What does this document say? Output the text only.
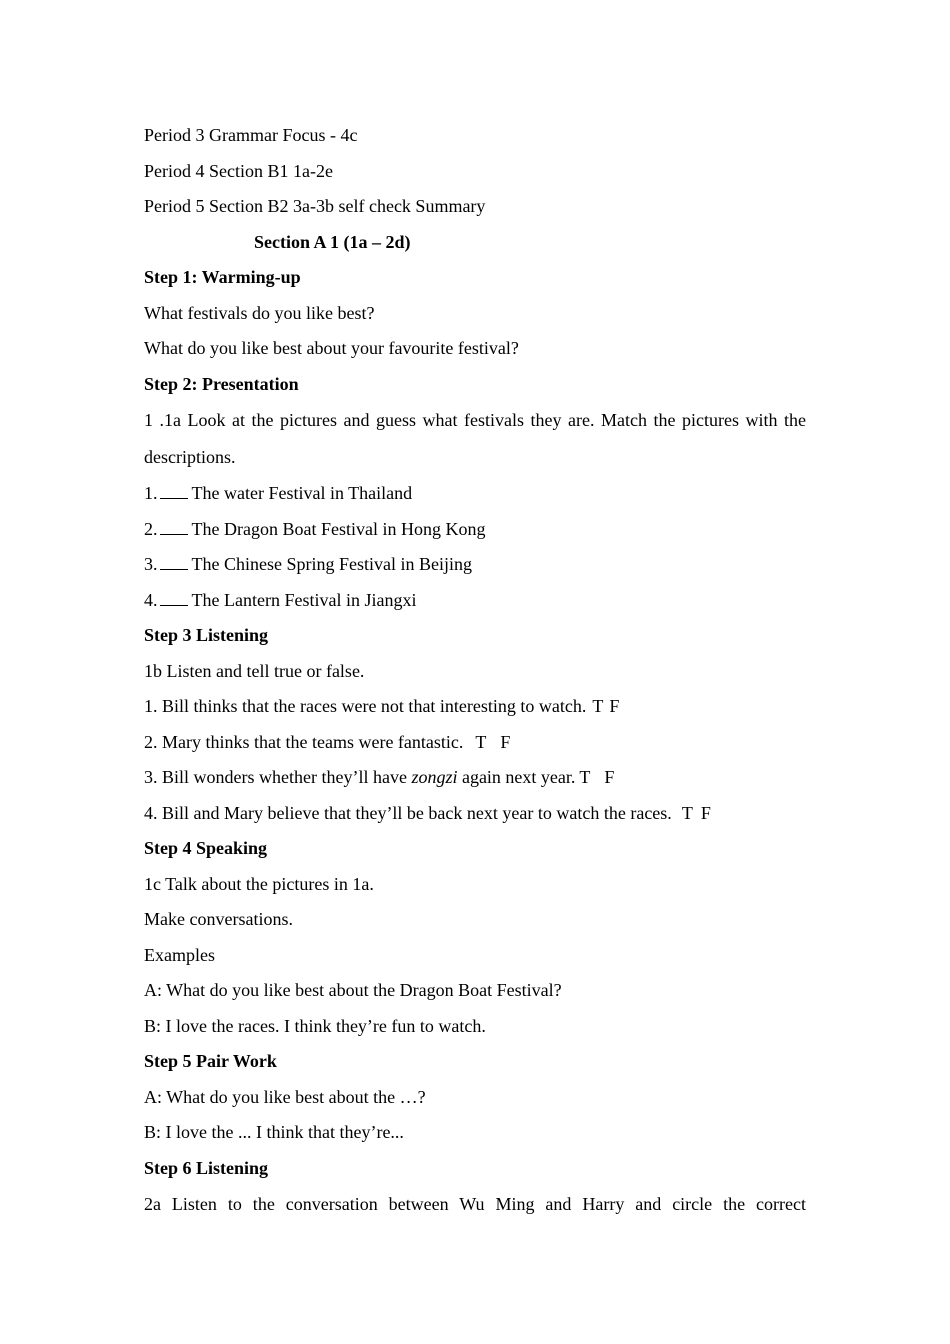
Period 3 Grammar Focus - 4c
Period 4 Section B1 1a-2e
Period 5 Section B2 3a-3b self check Summary
Section A 1 (1a – 2d)
Step 1: Warming-up
What festivals do you like best?
What do you like best about your favourite festival?
Step 2: Presentation
1 .1a Look at the pictures and guess what festivals they are. Match the pictures with the descriptions.
1. The water Festival in Thailand
2. The Dragon Boat Festival in Hong Kong
3. The Chinese Spring Festival in Beijing
4. The Lantern Festival in Jiangxi
Step 3 Listening
1b Listen and tell true or false.
1. Bill thinks that the races were not that interesting to watch. T F
2. Mary thinks that the teams were fantastic. T F
3. Bill wonders whether they’ll have zongzi again next year. T F
4. Bill and Mary believe that they’ll be back next year to watch the races. T F
Step 4 Speaking
1c Talk about the pictures in 1a.
Make conversations.
Examples
A: What do you like best about the Dragon Boat Festival?
B: I love the races. I think they’re fun to watch.
Step 5 Pair Work
A: What do you like best about the …?
B: I love the ... I think that they’re...
Step 6 Listening
2a Listen to the conversation between Wu Ming and Harry and circle the correct
